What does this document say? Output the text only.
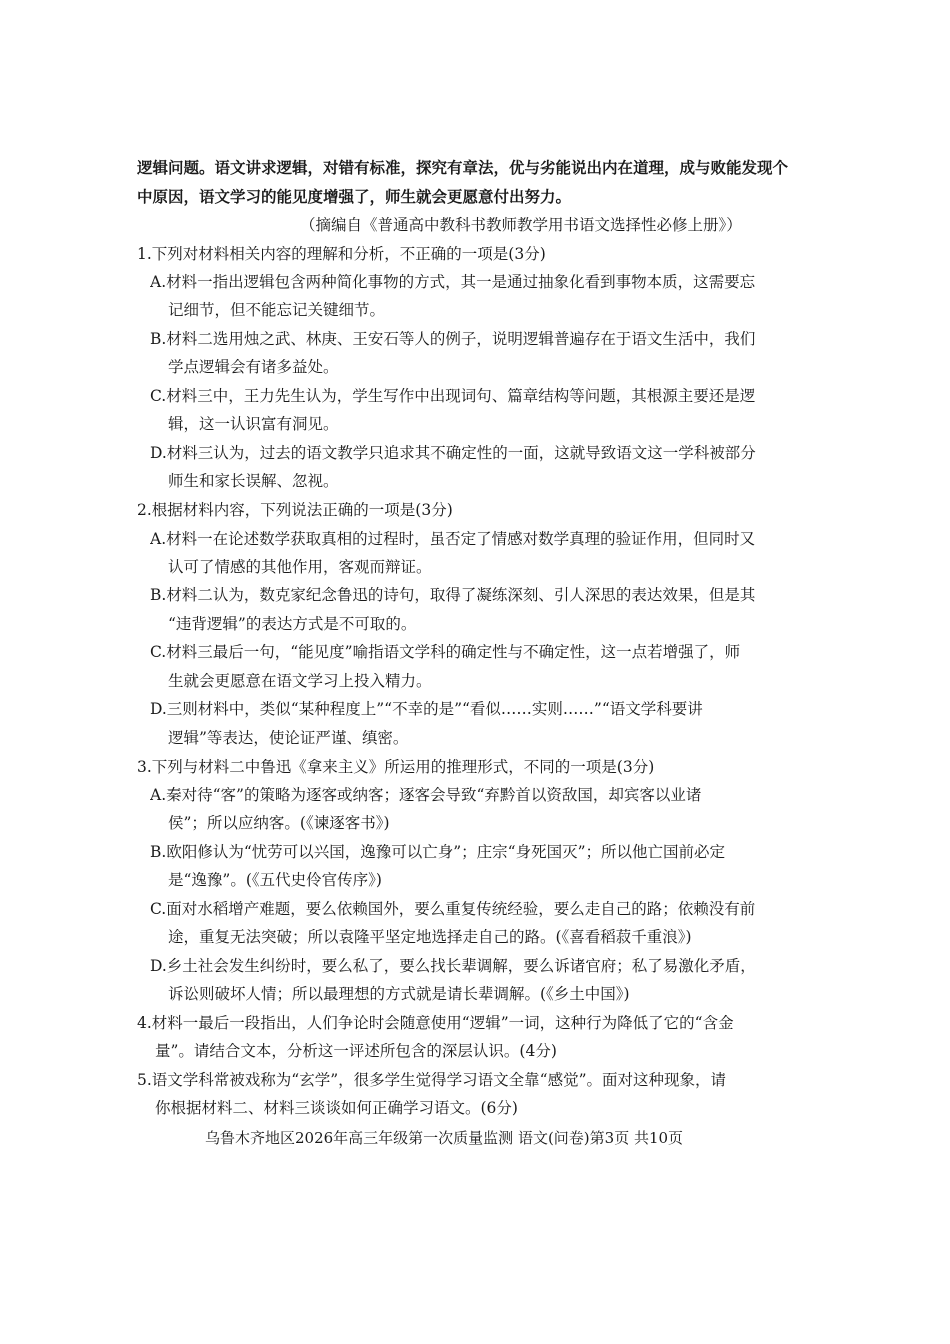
逻辑问题。语文讲求逻辑，对错有标准，探究有章法，优与劣能说出内在道理，成与败能发现个
中原因，语文学习的能见度增强了，师生就会更愿意付出努力。
（摘编自《普通高中教科书教师教学用书语文选择性必修上册》）
1.下列对材料相关内容的理解和分析，不正确的一项是(3分)
A.材料一指出逻辑包含两种简化事物的方式，其一是通过抽象化看到事物本质，这需要忘
记细节，但不能忘记关键细节。
B.材料二选用烛之武、林庚、王安石等人的例子，说明逻辑普遍存在于语文生活中，我们
学点逻辑会有诸多益处。
C.材料三中，王力先生认为，学生写作中出现词句、篇章结构等问题，其根源主要还是逻
辑，这一认识富有洞见。
D.材料三认为，过去的语文教学只追求其不确定性的一面，这就导致语文这一学科被部分
师生和家长误解、忽视。
2.根据材料内容，下列说法正确的一项是(3分)
A.材料一在论述数学获取真相的过程时，虽否定了情感对数学真理的验证作用，但同时又
认可了情感的其他作用，客观而辩证。
B.材料二认为，数克家纪念鲁迅的诗句，取得了凝练深刻、引人深思的表达效果，但是其
“违背逻辑”的表达方式是不可取的。
C.材料三最后一句，“能见度”喻指语文学科的确定性与不确定性，这一点若增强了，师
生就会更愿意在语文学习上投入精力。
D.三则材料中，类似“某种程度上”“不幸的是”“看似……实则……”“语文学科要讲
逻辑”等表达，使论证严谨、缜密。
3.下列与材料二中鲁迅《拿来主义》所运用的推理形式，不同的一项是(3分)
A.秦对待“客”的策略为逐客或纳客；逐客会导致“弃黔首以资敌国，却宾客以业诸
侯”；所以应纳客。(《谏逐客书》)
B.欧阳修认为“忧劳可以兴国，逸豫可以亡身”；庄宗“身死国灭”；所以他亡国前必定
是“逸豫”。(《五代史伶官传序》)
C.面对水稻增产难题，要么依赖国外，要么重复传统经验，要么走自己的路；依赖没有前
途，重复无法突破；所以袁隆平坚定地选择走自己的路。(《喜看稻菽千重浪》)
D.乡土社会发生纠纷时，要么私了，要么找长辈调解，要么诉诸官府；私了易激化矛盾，
诉讼则破坏人情；所以最理想的方式就是请长辈调解。(《乡土中国》)
4.材料一最后一段指出，人们争论时会随意使用“逻辑”一词，这种行为降低了它的“含金
量”。请结合文本，分析这一评述所包含的深层认识。(4分)
5.语文学科常被戏称为“玄学”，很多学生觉得学习语文全靠“感觉”。面对这种现象，请
你根据材料二、材料三谈谈如何正确学习语文。(6分)
乌鲁木齐地区2026年高三年级第一次质量监测 语文(问卷)第3页 共10页
